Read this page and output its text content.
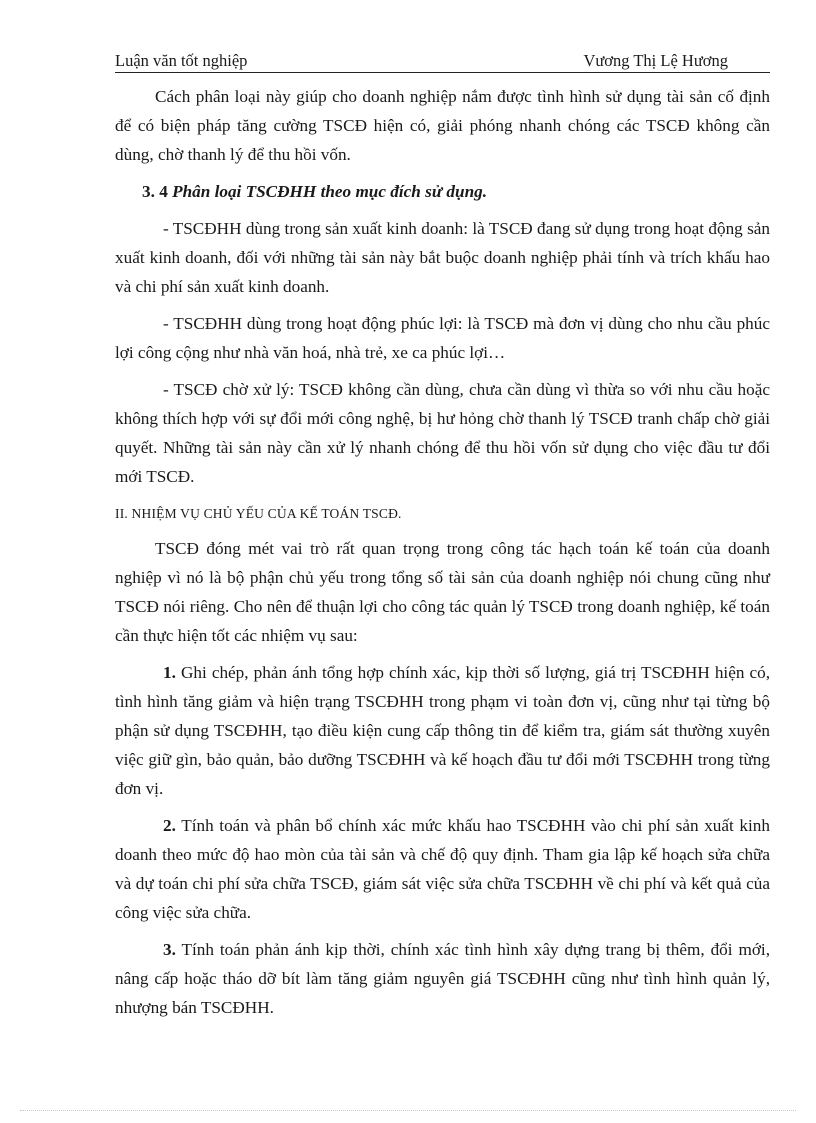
Luận văn tốt nghiệp	Vương Thị Lệ Hương

Cách phân loại này giúp cho doanh nghiệp nắm được tình hình sử dụng tài sản cố định để có biện pháp tăng cường TSCĐ hiện có, giải phóng nhanh chóng các TSCĐ không cần dùng, chờ thanh lý để thu hồi vốn.

3. 4 Phân loại TSCĐHH theo mục đích sử dụng.

- TSCĐHH dùng trong sản xuất kinh doanh: là TSCĐ đang sử dụng trong hoạt động sản xuất kinh doanh, đối với những tài sản này bắt buộc doanh nghiệp phải tính và trích khấu hao và chi phí sản xuất kinh doanh.

- TSCĐHH dùng trong hoạt động phúc lợi: là TSCĐ mà đơn vị dùng cho nhu cầu phúc lợi công cộng như nhà văn hoá, nhà trẻ, xe ca phúc lợi…

- TSCĐ chờ xử lý: TSCĐ không cần dùng, chưa cần dùng vì thừa so với nhu cầu hoặc không thích hợp với sự đổi mới công nghệ, bị hư hỏng chờ thanh lý TSCĐ tranh chấp chờ giải quyết. Những tài sản này cần xử lý nhanh chóng để thu hồi vốn sử dụng cho việc đầu tư đổi mới TSCĐ.

II. NHIỆM VỤ CHỦ YẾU CỦA KẾ TOÁN TSCĐ.

TSCĐ đóng mét vai trò rất quan trọng trong công tác hạch toán kế toán của doanh nghiệp vì nó là bộ phận chủ yếu trong tổng số tài sản của doanh nghiệp nói chung cũng như TSCĐ nói riêng. Cho nên để thuận lợi cho công tác quản lý TSCĐ trong doanh nghiệp, kế toán cần thực hiện tốt các nhiệm vụ sau:

1. Ghi chép, phản ánh tổng hợp chính xác, kịp thời số lượng, giá trị TSCĐHH hiện có, tình hình tăng giảm và hiện trạng TSCĐHH trong phạm vi toàn đơn vị, cũng như tại từng bộ phận sử dụng TSCĐHH, tạo điều kiện cung cấp thông tin để kiểm tra, giám sát thường xuyên việc giữ gìn, bảo quản, bảo dưỡng TSCĐHH và kế hoạch đầu tư đổi mới TSCĐHH trong từng đơn vị.

2. Tính toán và phân bổ chính xác mức khấu hao TSCĐHH vào chi phí sản xuất kinh doanh theo mức độ hao mòn của tài sản và chế độ quy định. Tham gia lập kế hoạch sửa chữa và dự toán chi phí sửa chữa TSCĐ, giám sát việc sửa chữa TSCĐHH về chi phí và kết quả của công việc sửa chữa.

3. Tính toán phản ánh kịp thời, chính xác tình hình xây dựng trang bị thêm, đổi mới, nâng cấp hoặc tháo dỡ bít làm tăng giảm nguyên giá TSCĐHH cũng như tình hình quản lý, nhượng bán TSCĐHH.
